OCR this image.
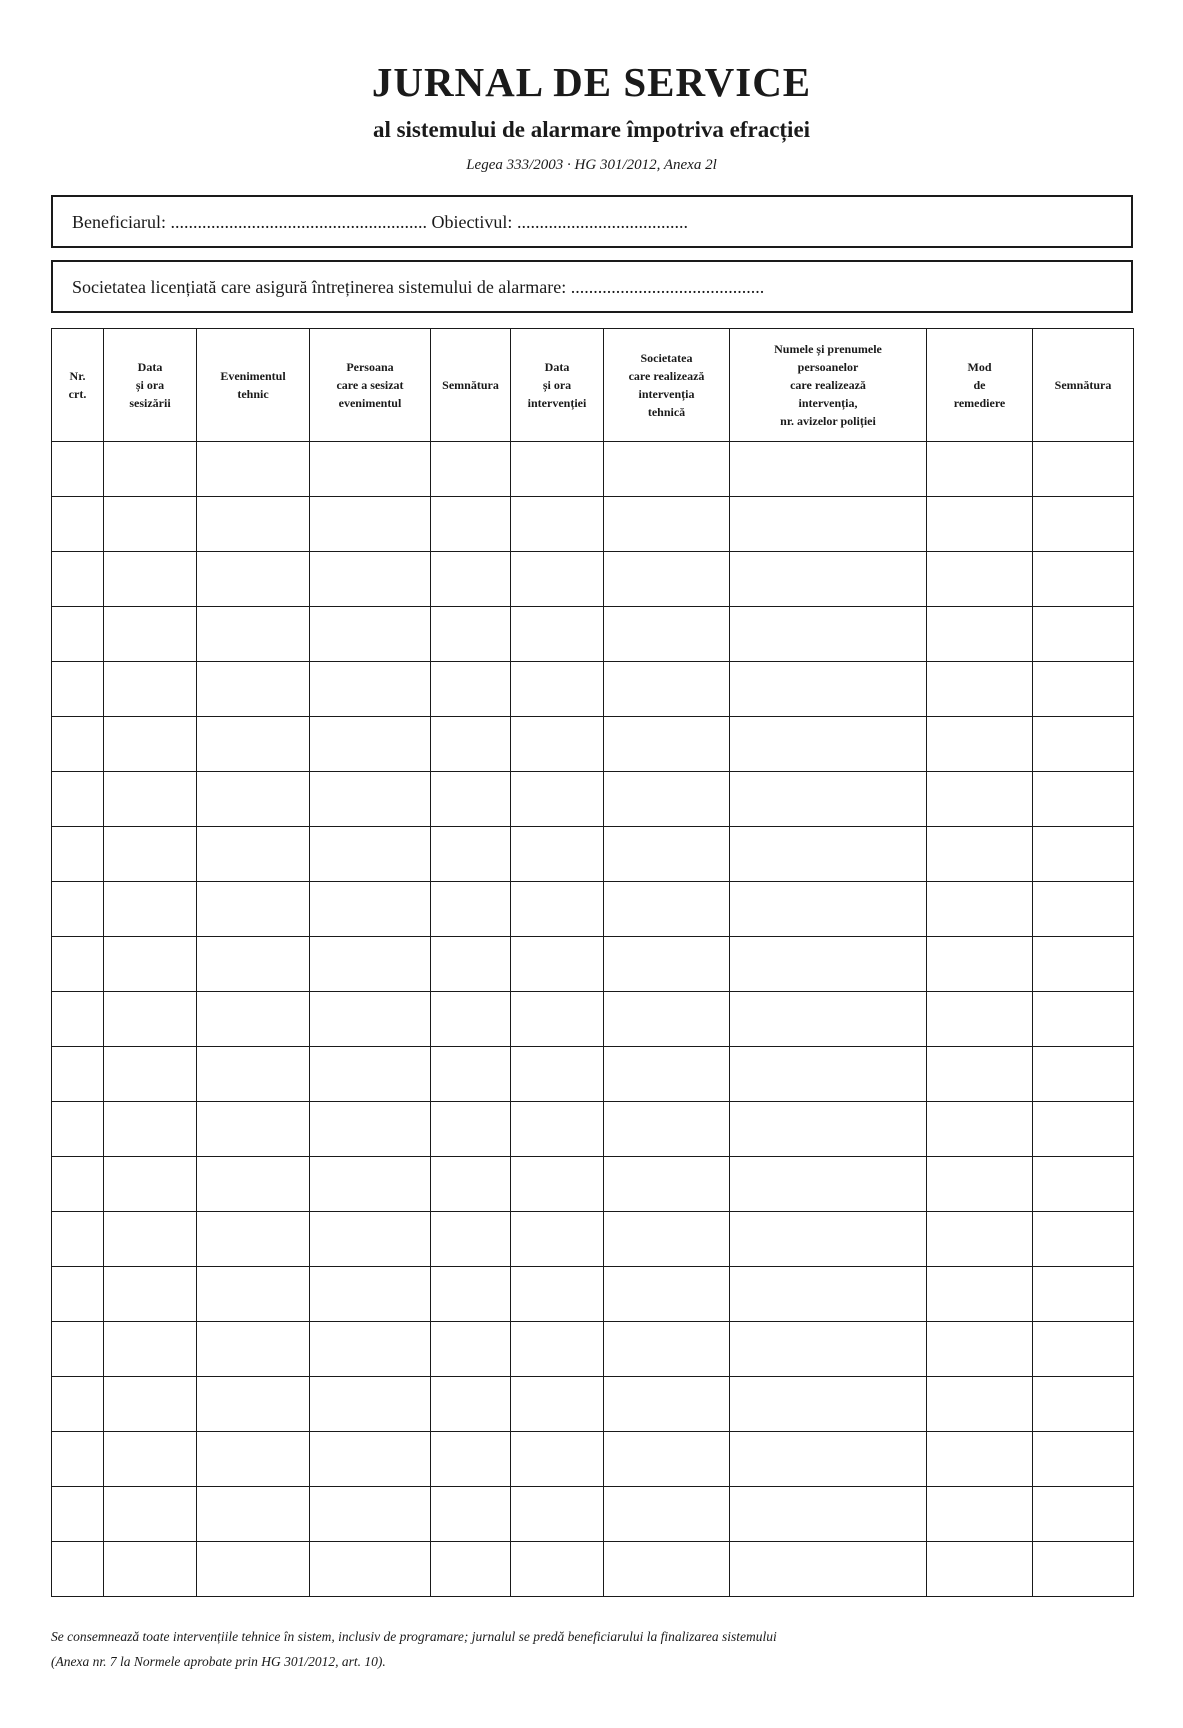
JURNAL DE SERVICE
al sistemului de alarmare împotriva efracției
Legea 333/2003 · HG 301/2012, Anexa 2l
Beneficiarul: ......................................................... Obiectivul: ......................................
Societatea licențiată care asigură întreținerea sistemului de alarmare: ...........................................
Nr.
crt.	Data
și ora
sesizării	Evenimentul
tehnic	Persoana
care a sesizat
evenimentul	Semnătura	Data
și ora
intervenției	Societatea
care realizează
intervenția
tehnică	Numele și prenumele
persoanelor
care realizează
intervenția,
nr. avizelor poliției	Mod
de
remediere	Semnătura

Se consemnează toate intervențiile tehnice în sistem, inclusiv de programare; jurnalul se predă beneficiarului la finalizarea sistemului
(Anexa nr. 7 la Normele aprobate prin HG 301/2012, art. 10).
